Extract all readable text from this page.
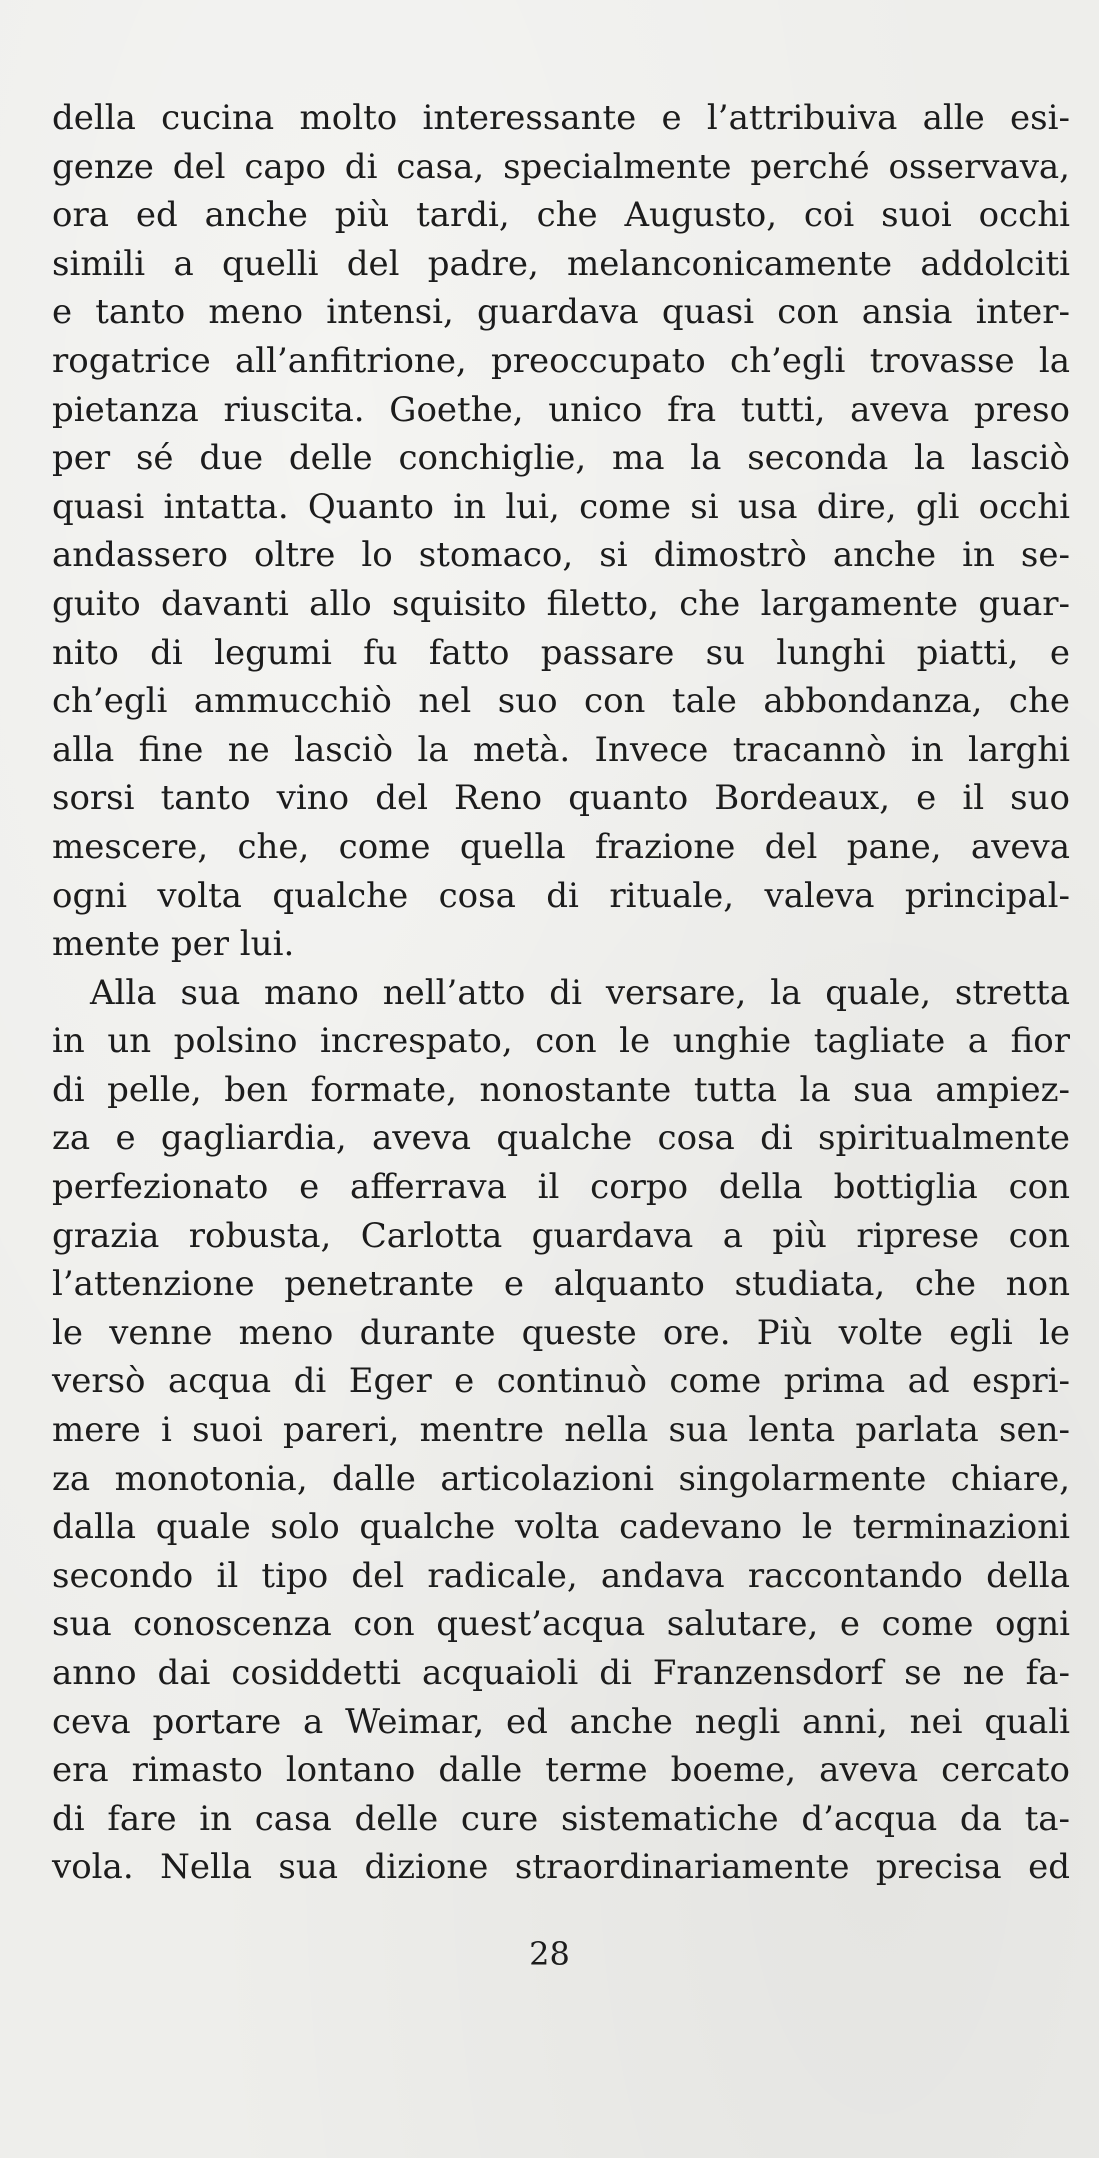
della cucina molto interessante e l’attribuiva alle esi-
genze del capo di casa, specialmente perché osservava,
ora ed anche più tardi, che Augusto, coi suoi occhi
simili a quelli del padre, melanconicamente addolciti
e tanto meno intensi, guardava quasi con ansia inter-
rogatrice all’anfitrione, preoccupato ch’egli trovasse la
pietanza riuscita. Goethe, unico fra tutti, aveva preso
per sé due delle conchiglie, ma la seconda la lasciò
quasi intatta. Quanto in lui, come si usa dire, gli occhi
andassero oltre lo stomaco, si dimostrò anche in se-
guito davanti allo squisito filetto, che largamente guar-
nito di legumi fu fatto passare su lunghi piatti, e
ch’egli ammucchiò nel suo con tale abbondanza, che
alla fine ne lasciò la metà. Invece tracannò in larghi
sorsi tanto vino del Reno quanto Bordeaux, e il suo
mescere, che, come quella frazione del pane, aveva
ogni volta qualche cosa di rituale, valeva principal-
mente per lui.
Alla sua mano nell’atto di versare, la quale, stretta
in un polsino increspato, con le unghie tagliate a fior
di pelle, ben formate, nonostante tutta la sua ampiez-
za e gagliardia, aveva qualche cosa di spiritualmente
perfezionato e afferrava il corpo della bottiglia con
grazia robusta, Carlotta guardava a più riprese con
l’attenzione penetrante e alquanto studiata, che non
le venne meno durante queste ore. Più volte egli le
versò acqua di Eger e continuò come prima ad espri-
mere i suoi pareri, mentre nella sua lenta parlata sen-
za monotonia, dalle articolazioni singolarmente chiare,
dalla quale solo qualche volta cadevano le terminazioni
secondo il tipo del radicale, andava raccontando della
sua conoscenza con quest’acqua salutare, e come ogni
anno dai cosiddetti acquaioli di Franzensdorf se ne fa-
ceva portare a Weimar, ed anche negli anni, nei quali
era rimasto lontano dalle terme boeme, aveva cercato
di fare in casa delle cure sistematiche d’acqua da ta-
vola. Nella sua dizione straordinariamente precisa ed
28
